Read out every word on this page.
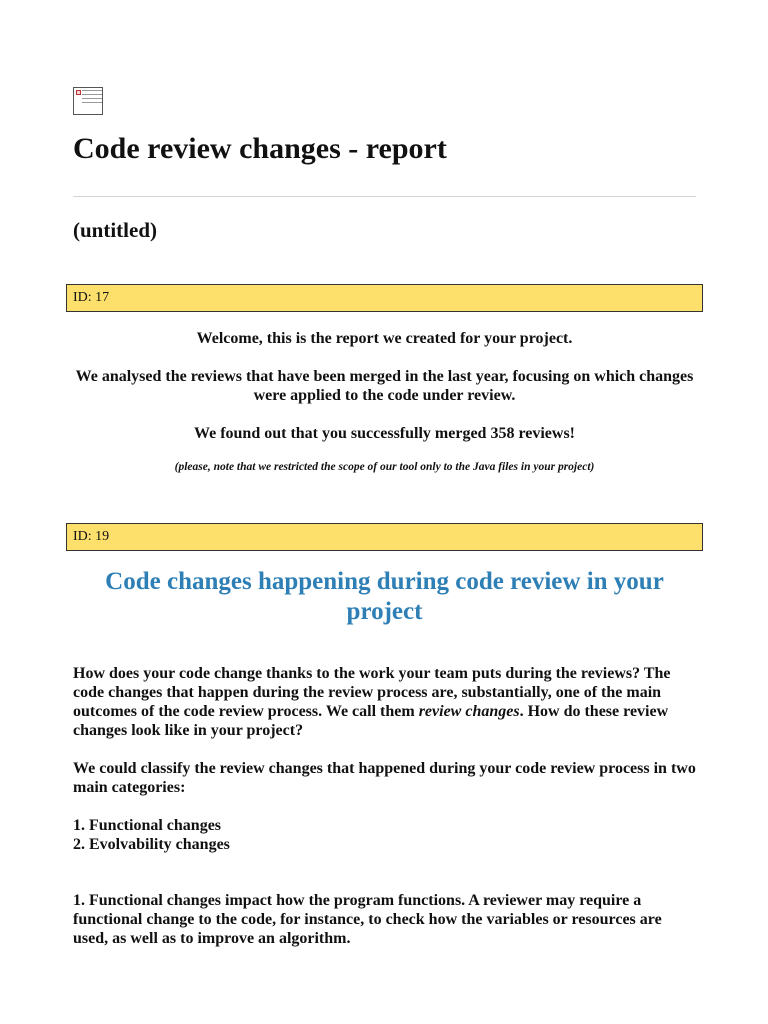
Code review changes - report
(untitled)
ID: 17

Welcome, this is the report we created for your project.

We analysed the reviews that have been merged in the last year, focusing on which changes were applied to the code under review.

We found out that you successfully merged 358 reviews!

(please, note that we restricted the scope of our tool only to the Java files in your project)

ID: 19
Code changes happening during code review in your project

How does your code change thanks to the work your team puts during the reviews? The code changes that happen during the review process are, substantially, one of the main outcomes of the code review process. We call them review changes. How do these review changes look like in your project?

We could classify the review changes that happened during your code review process in two main categories:

1. Functional changes
2. Evolvability changes

1. Functional changes impact how the program functions. A reviewer may require a functional change to the code, for instance, to check how the variables or resources are used, as well as to improve an algorithm.
